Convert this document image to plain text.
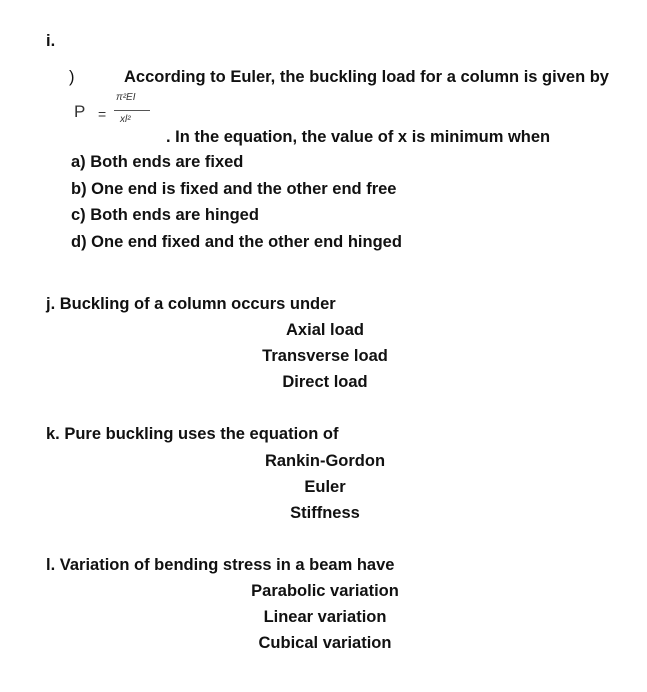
i.
)	According to Euler, the buckling load for a column is given by
P =
π²EI
xl²
. In the equation, the value of x is minimum when
a) Both ends are fixed
b) One end is fixed and the other end free
c) Both ends are hinged
d) One end fixed and the other end hinged
j. Buckling of a column occurs under
Axial load
Transverse load
Direct load
k. Pure buckling uses the equation of
Rankin-Gordon
Euler
Stiffness
l. Variation of bending stress in a beam have
Parabolic variation
Linear variation
Cubical variation
